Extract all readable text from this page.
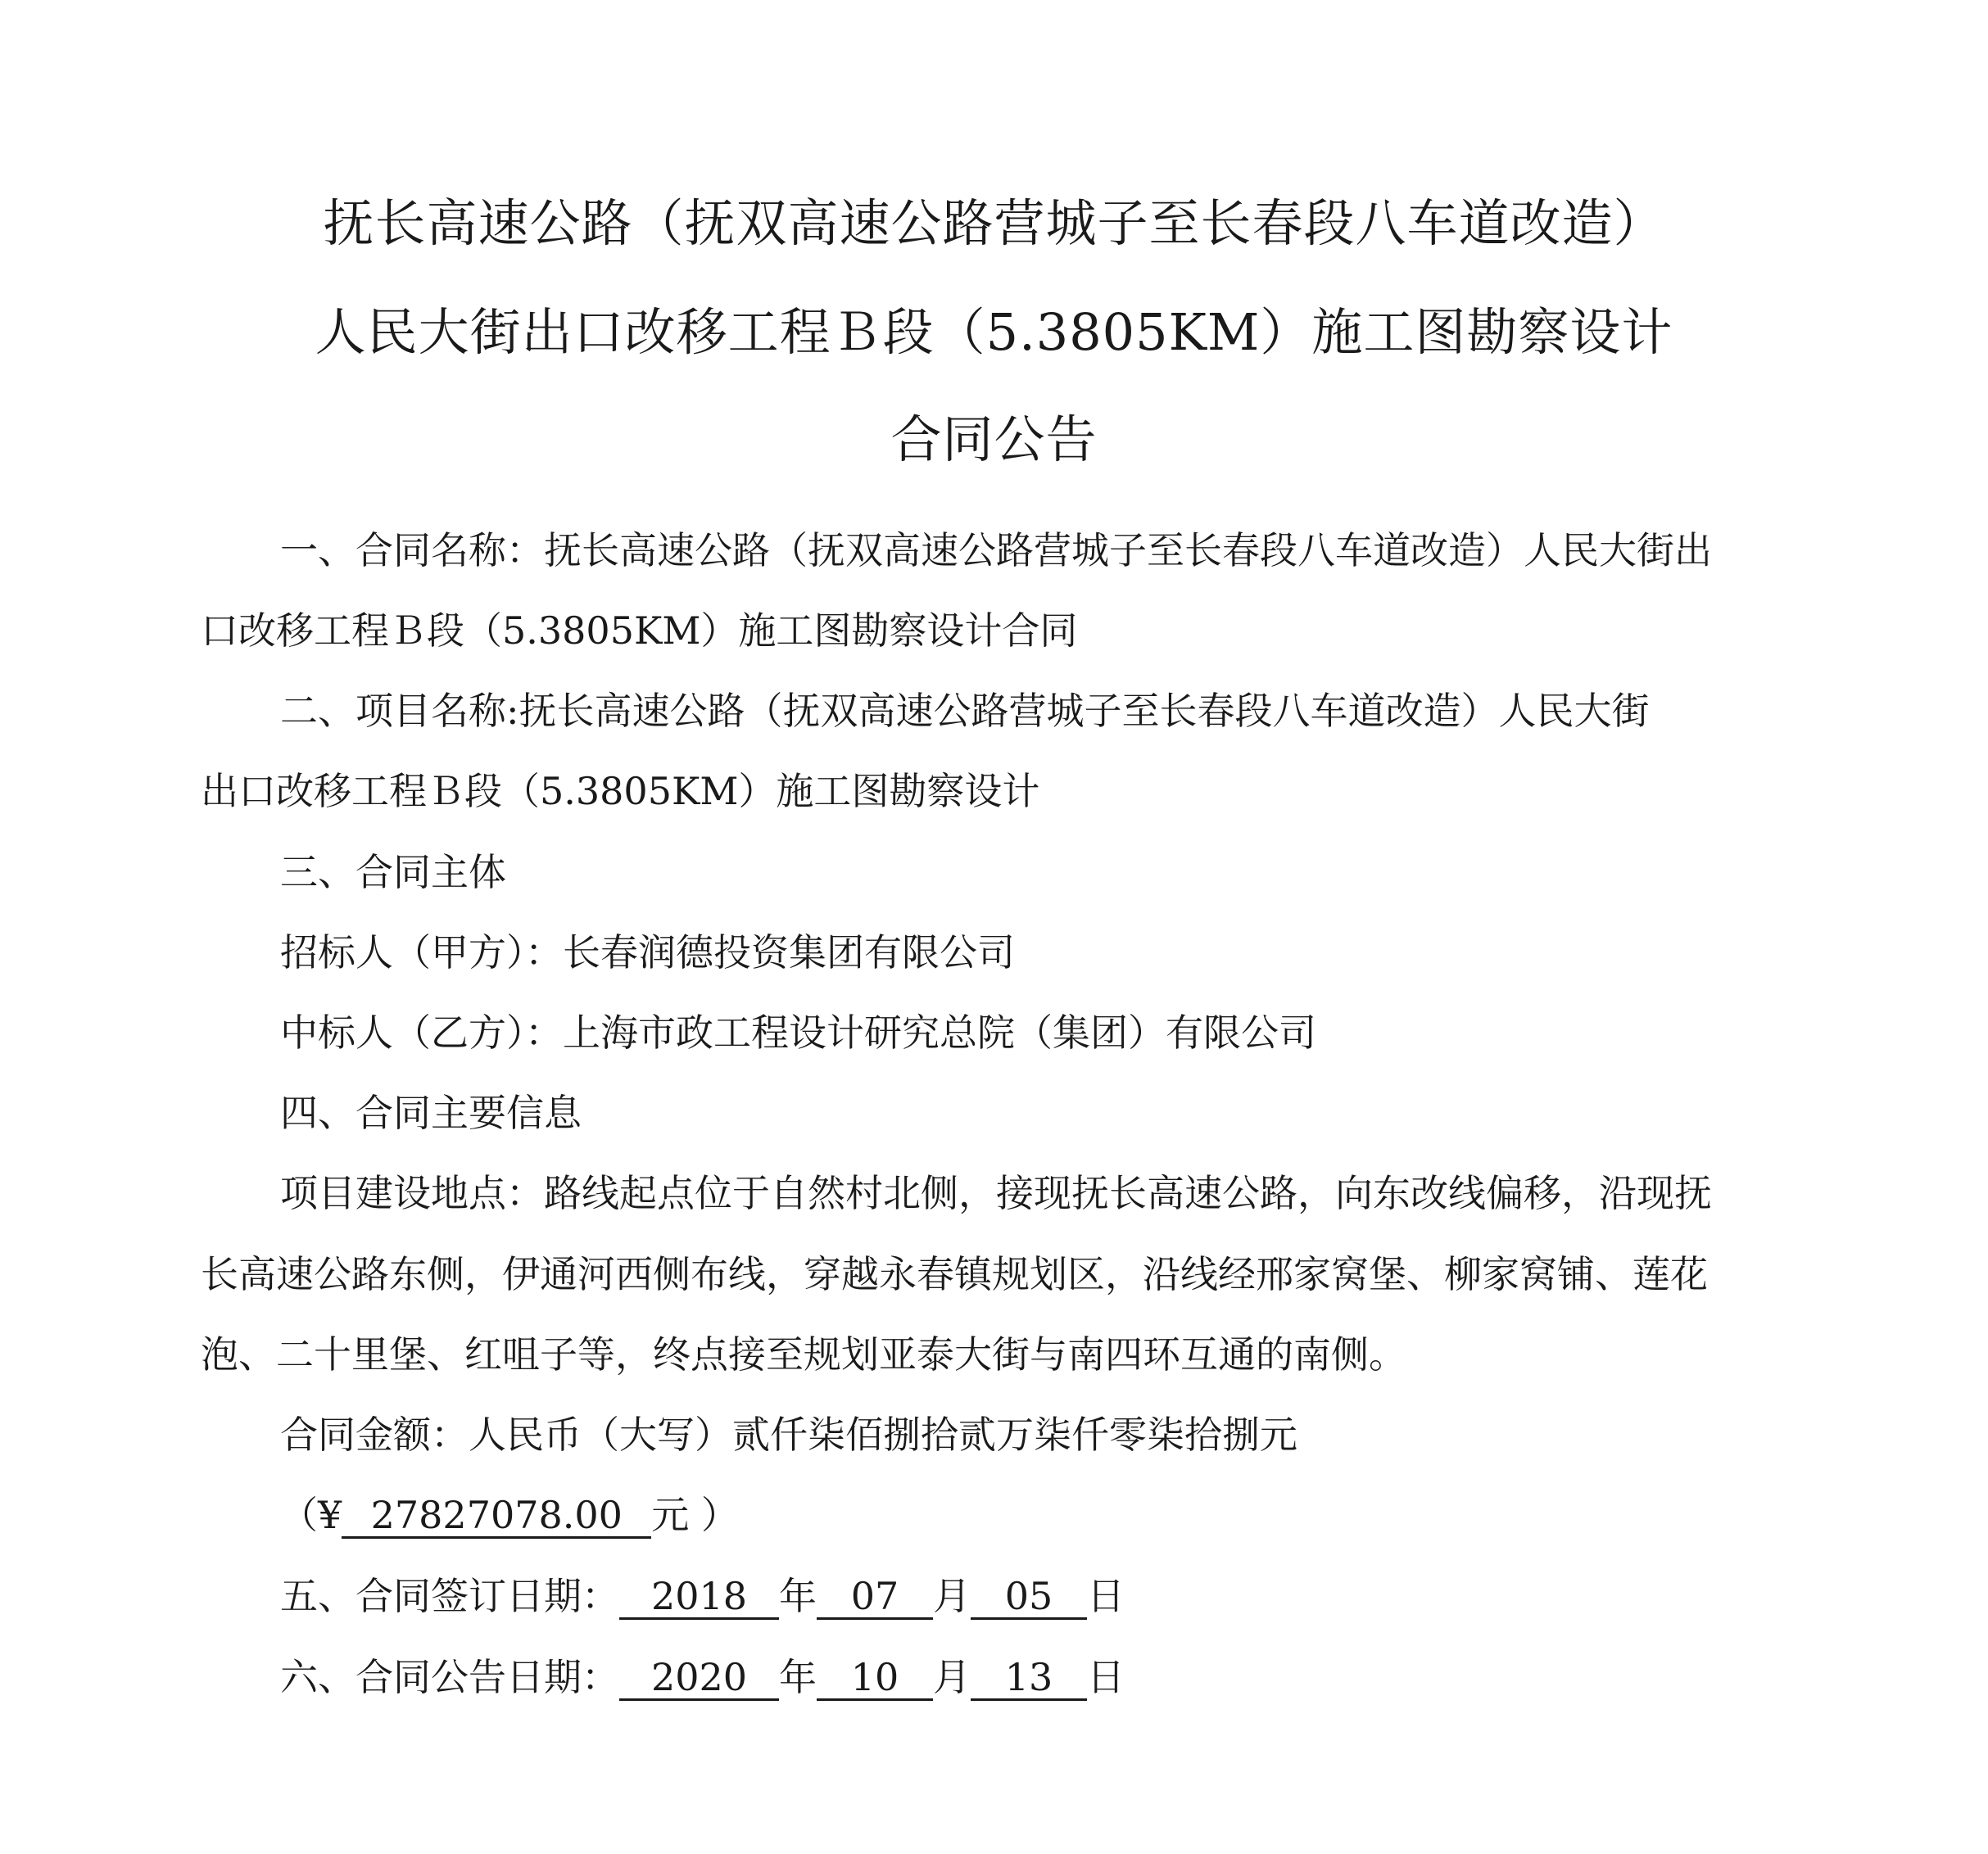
抚长高速公路（抚双高速公路营城子至长春段八车道改造）
人民大街出口改移工程Ｂ段（5.3805KM）施工图勘察设计
合同公告
一、合同名称：抚长高速公路（抚双高速公路营城子至长春段八车道改造）人民大街出
口改移工程Ｂ段（5.3805KM）施工图勘察设计合同
二、项目名称:抚长高速公路（抚双高速公路营城子至长春段八车道改造）人民大街
出口改移工程Ｂ段（5.3805KM）施工图勘察设计
三、合同主体
招标人（甲方）：长春润德投资集团有限公司
中标人（乙方）：上海市政工程设计研究总院（集团）有限公司
四、合同主要信息
项目建设地点：路线起点位于自然村北侧，接现抚长高速公路，向东改线偏移，沿现抚
长高速公路东侧，伊通河西侧布线，穿越永春镇规划区，沿线经邢家窝堡、柳家窝铺、莲花
泡、二十里堡、红咀子等，终点接至规划亚泰大街与南四环互通的南侧。
合同金额：人民币（大写）贰仟柒佰捌拾贰万柒仟零柒拾捌元
（¥ 27827078.00 元 ）
五、合同签订日期： 2018 年 07 月 05 日
六、合同公告日期： 2020 年 10 月 13 日
